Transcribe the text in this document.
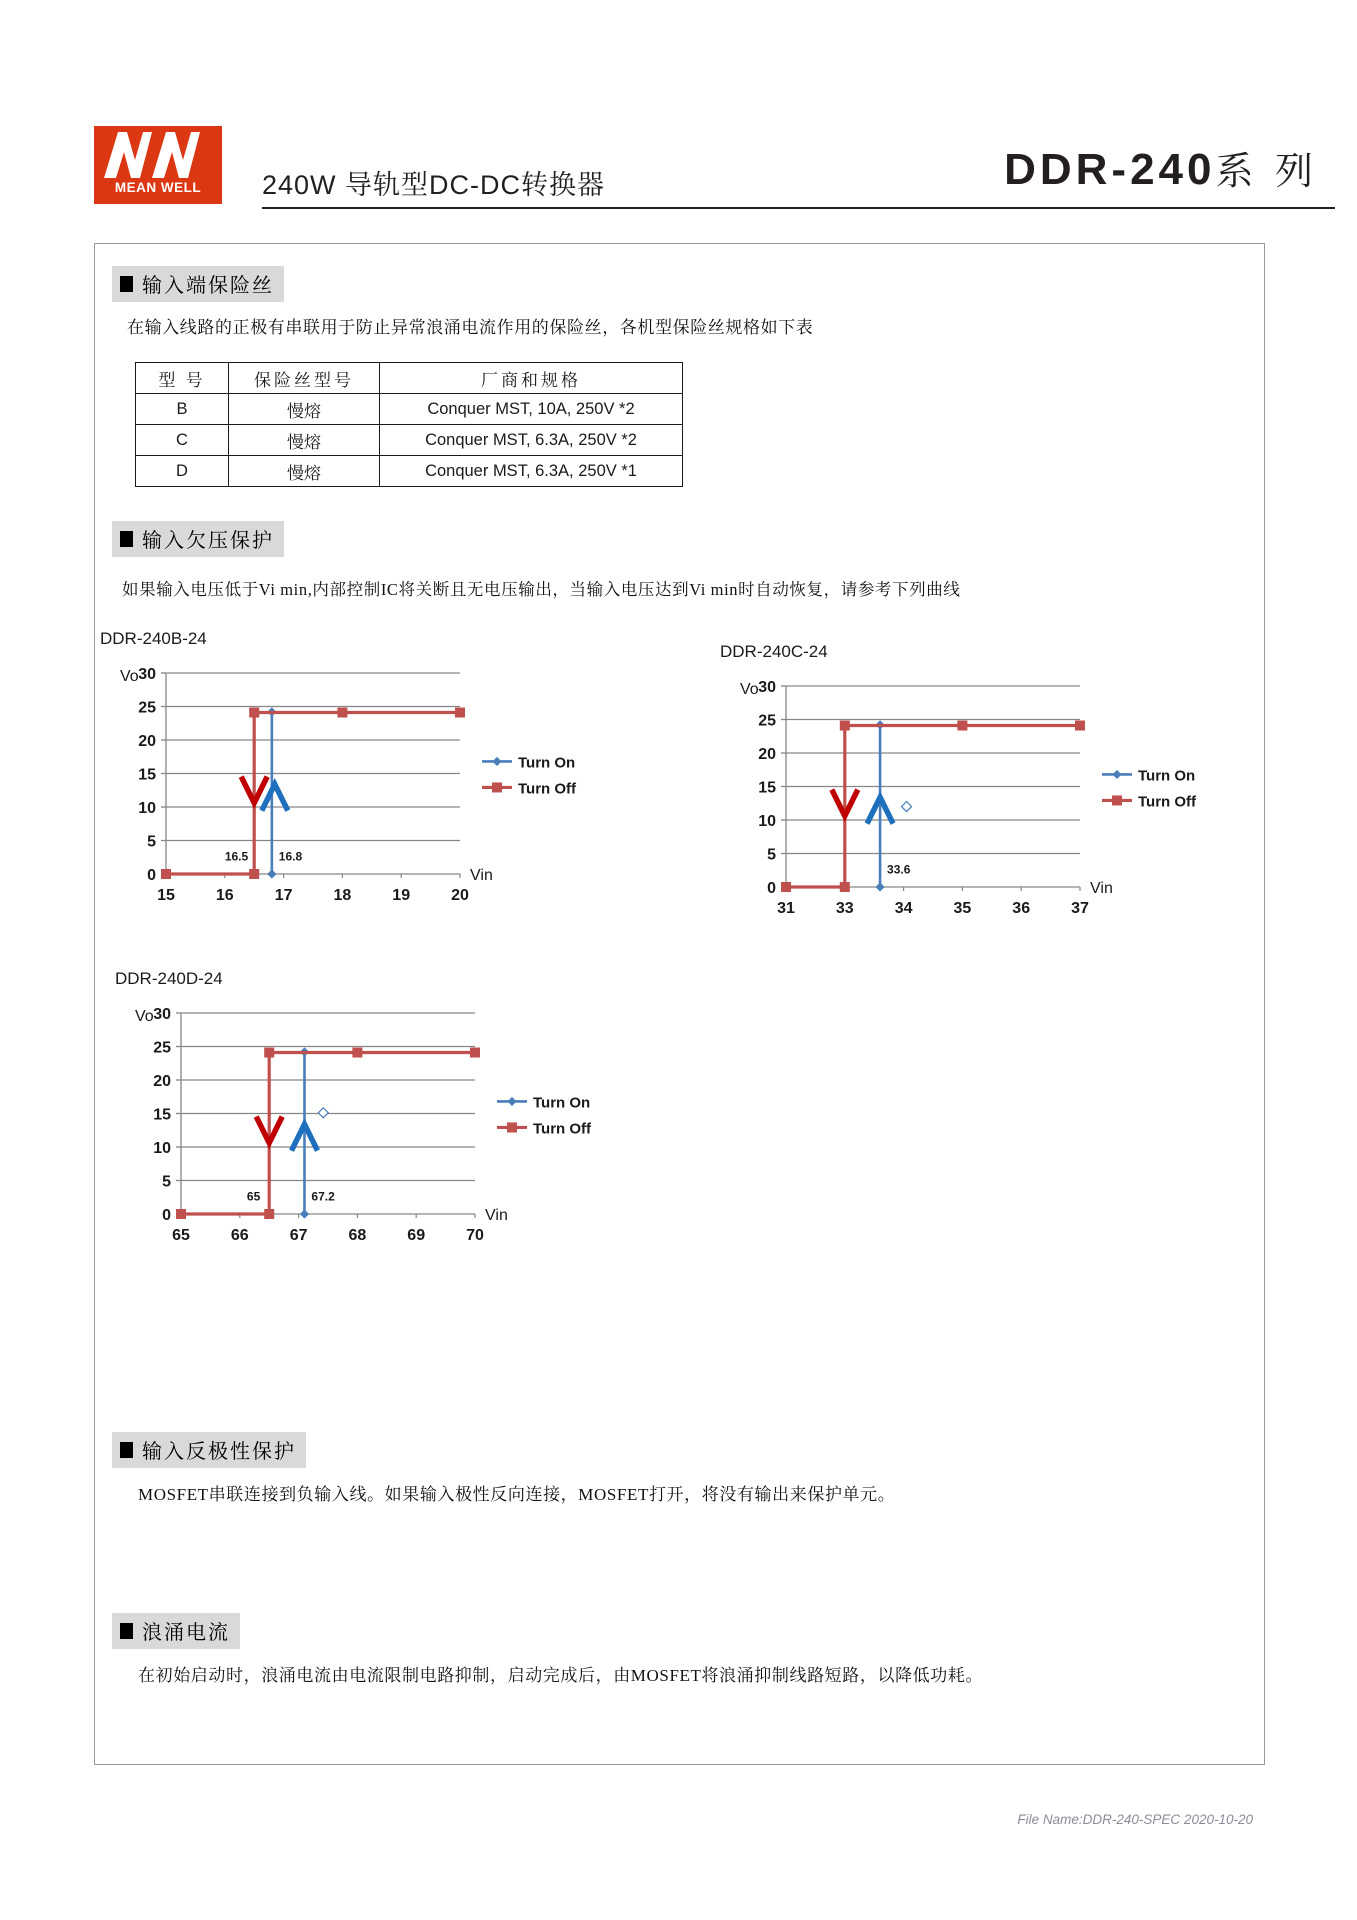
MEAN WELL 240W 导轨型DC-DC转换器	DDR-240系 列
输入端保险丝
在输入线路的正极有串联用于防止异常浪涌电流作用的保险丝，各机型保险丝规格如下表
型 号	保险丝型号	厂商和规格
B	慢熔	Conquer MST, 10A, 250V *2
C	慢熔	Conquer MST, 6.3A, 250V *2
D	慢熔	Conquer MST, 6.3A, 250V *1
输入欠压保护
如果输入电压低于Vi min,内部控制IC将关断且无电压输出，当输入电压达到Vi min时自动恢复，请参考下列曲线
0
5
10
15
20
25
30
15	16	17	18	19	20
Vo
Vin
16.5	16.8
Turn On
Turn Off
DDR-240B-24
0
5
10
15
20
25
30
31	33	34	35	36	37
Vo
Vin
33.6
Turn On
Turn Off
DDR-240C-24
0
5
10
15
20
25
30
65	66	67	68	69	70
Vo
Vin
65	67.2
Turn On
Turn Off
DDR-240D-24
输入反极性保护
MOSFET串联连接到负输入线。如果输入极性反向连接，MOSFET打开，将没有输出来保护单元。
浪涌电流
在初始启动时，浪涌电流由电流限制电路抑制，启动完成后，由MOSFET将浪涌抑制线路短路，以降低功耗。
File Name:DDR-240-SPEC 2020-10-20
